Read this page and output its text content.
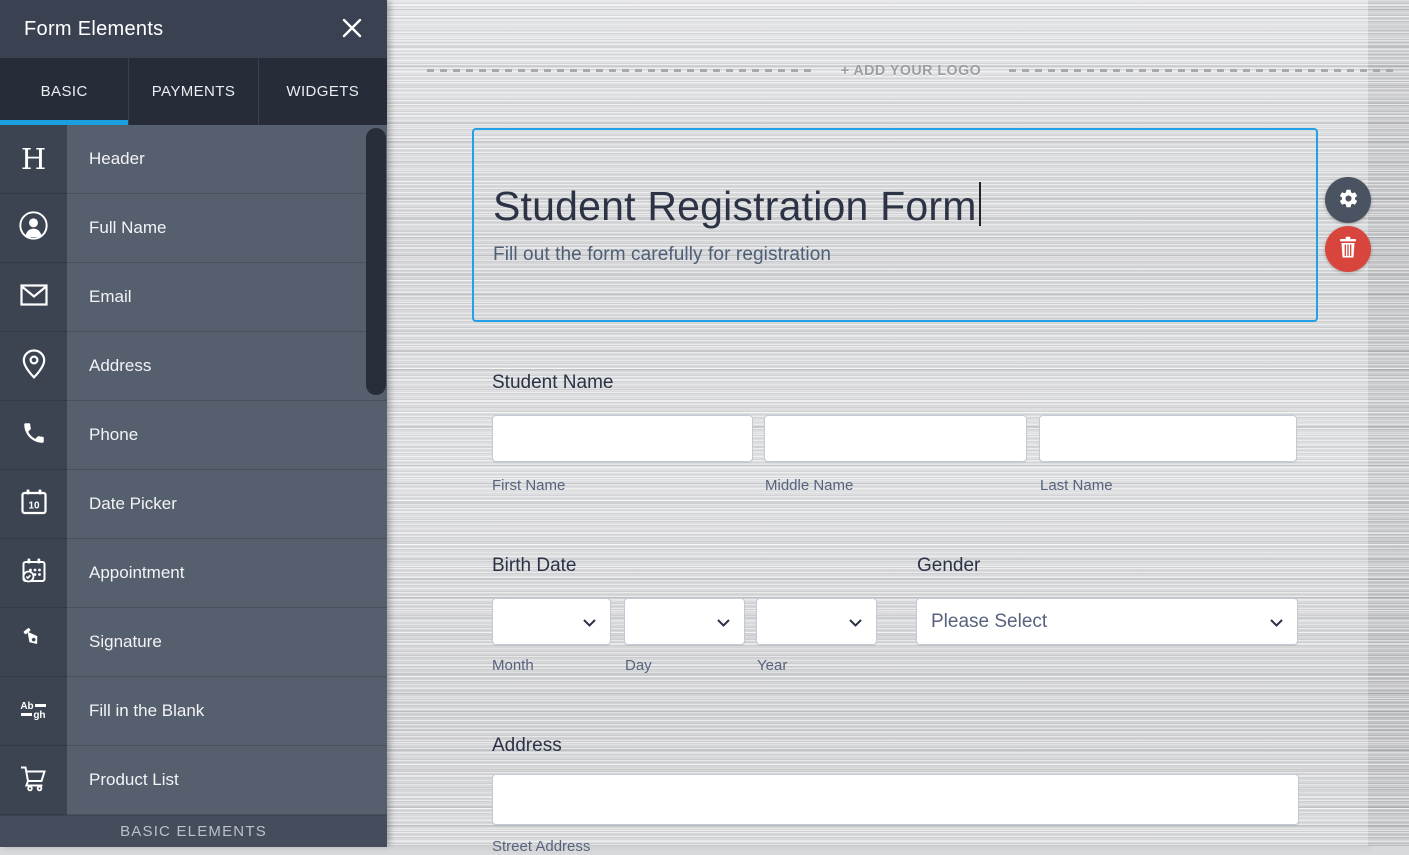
Form Elements
BASIC	PAYMENTS	WIDGETS
H	Header
Full Name
Email
Address
Phone
10	Date Picker
Appointment
Signature
Ab
gh	Fill in the Blank
Product List
BASIC ELEMENTS
+ ADD YOUR LOGO
Student Registration Form
Fill out the form carefully for registration
Student Name
First Name	Middle Name	Last Name
Birth Date
Month	Day	Year
Gender
Please Select
Address
Street Address
